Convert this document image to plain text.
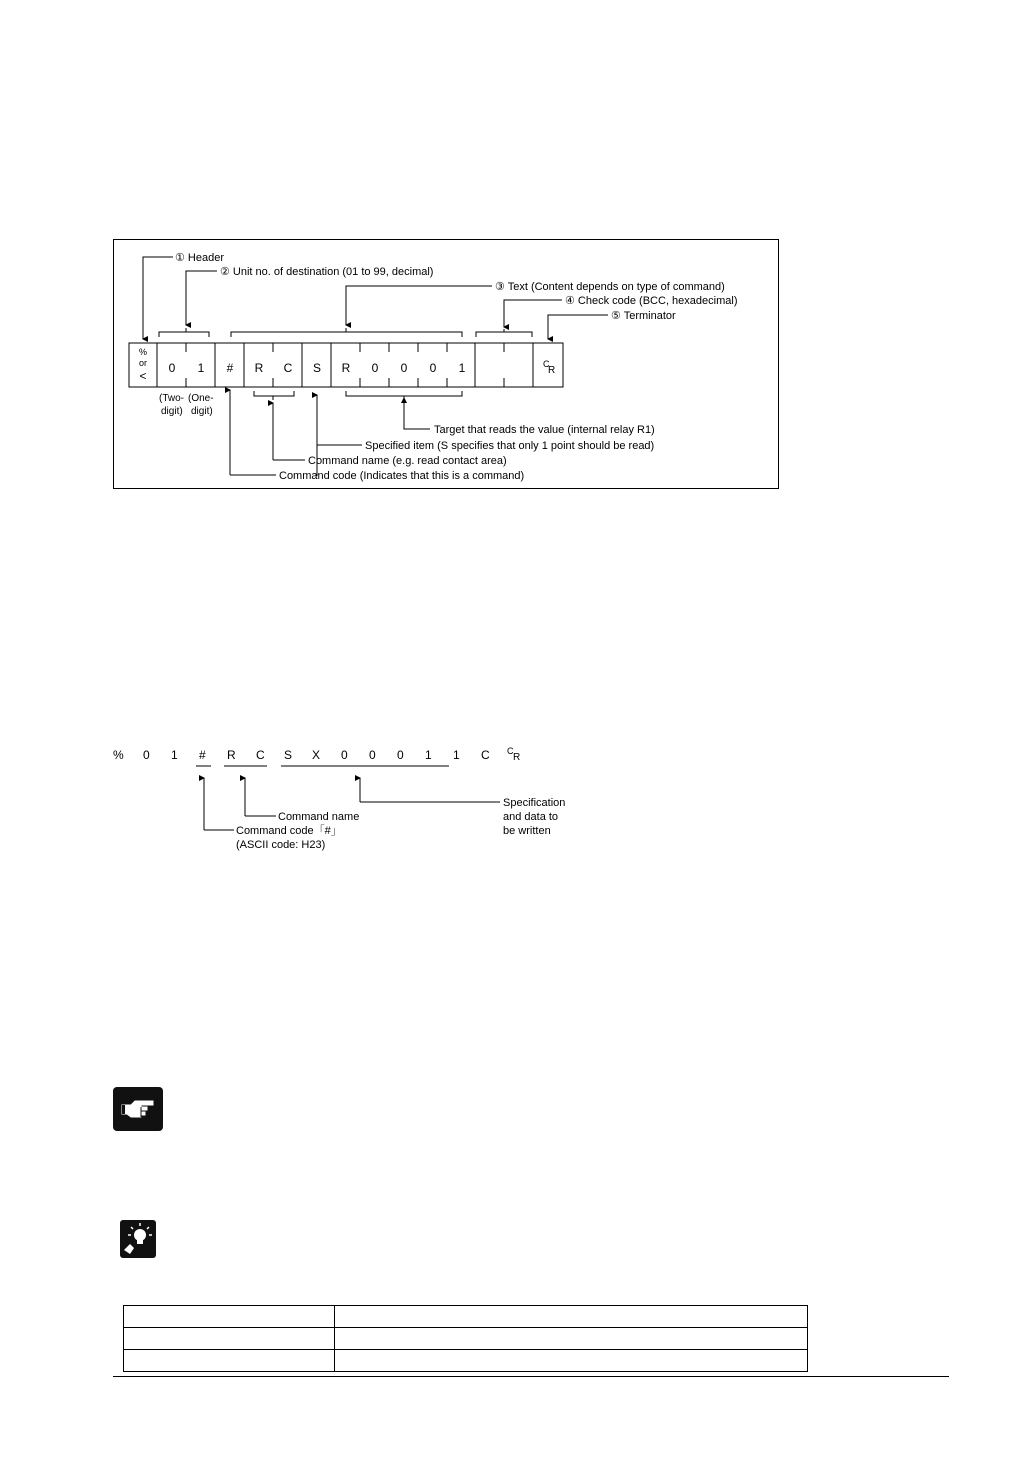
① Header
② Unit no. of destination (01 to 99, decimal)
③ Text (Content depends on type of command)
④ Check code (BCC, hexadecimal)
⑤ Terminator
%
or
<
0 1 # R C S R 0 0 0 1	C
R
(Two-
digit)
(One-
digit)
Target that reads the value (internal relay R1)
Specified item (S specifies that only 1 point should be read)
Command name (e.g. read contact area)
Command code (Indicates that this is a command)
% 0 1 # R C S X 0 0 0 1 1 C C
R
Command name
Command code「#」
(ASCII code: H23)
Specification
and data to
be written
